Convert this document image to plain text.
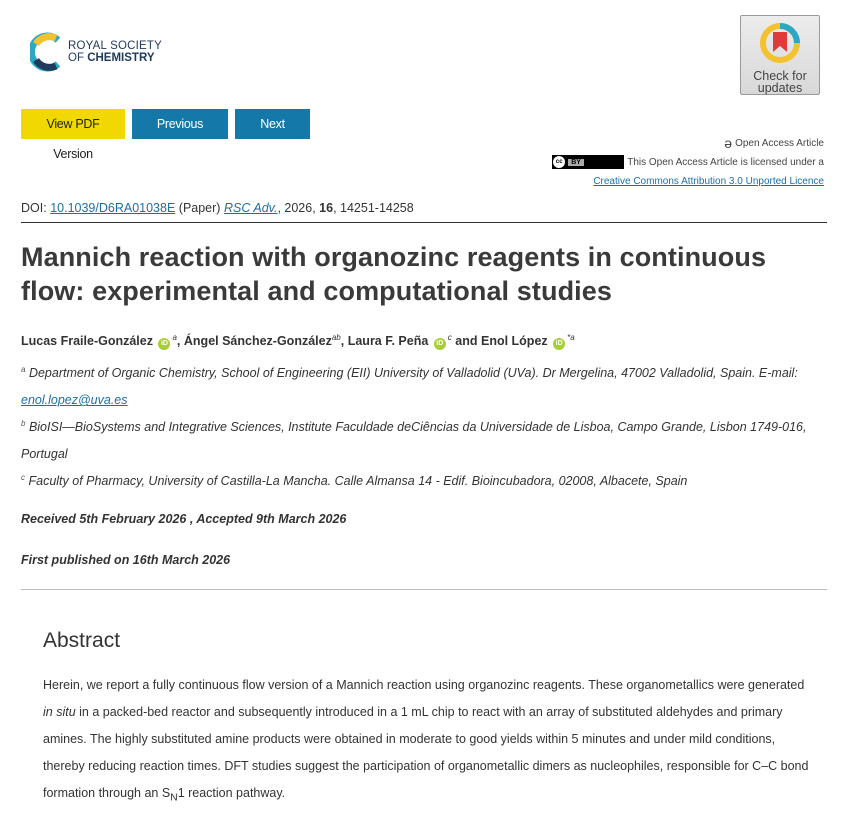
ROYAL SOCIETY
OF CHEMISTRY
Check for
updates
View PDF Version
Previous Article
Next Article
ə Open Access Article
cc	BY	This Open Access Article is licensed under a
Creative Commons Attribution 3.0 Unported Licence
DOI: 10.1039/D6RA01038E (Paper) RSC Adv., 2026, 16, 14251-14258
Mannich reaction with organozinc reagents in continuous flow: experimental and computational studies
Lucas Fraile-González $iD^a$, Ángel Sánchez-González$^{ab}$, Laura F. Peña $iD^c$ and Enol López $iD^{*a}$
$^a$ Department of Organic Chemistry, School of Engineering (EII) University of Valladolid (UVa). Dr Mergelina, 47002 Valladolid, Spain. E-mail: enol.lopez@uva.es
$^b$ BioISI—BioSystems and Integrative Sciences, Institute Faculdade deCiências da Universidade de Lisboa, Campo Grande, Lisbon 1749-016, Portugal
$^c$ Faculty of Pharmacy, University of Castilla-La Mancha. Calle Almansa 14 - Edif. Bioincubadora, 02008, Albacete, Spain
Received 5th February 2026 , Accepted 9th March 2026
First published on 16th March 2026
Abstract

Herein, we report a fully continuous flow version of a Mannich reaction using organozinc reagents. These organometallics were generated in situ in a packed-bed reactor and subsequently introduced in a 1 mL chip to react with an array of substituted aldehydes and primary amines. The highly substituted amine products were obtained in moderate to good yields within 5 minutes and under mild conditions, thereby reducing reaction times. DFT studies suggest the participation of organometallic dimers as nucleophiles, responsible for C–C bond formation through an $S_N1$ reaction pathway.
